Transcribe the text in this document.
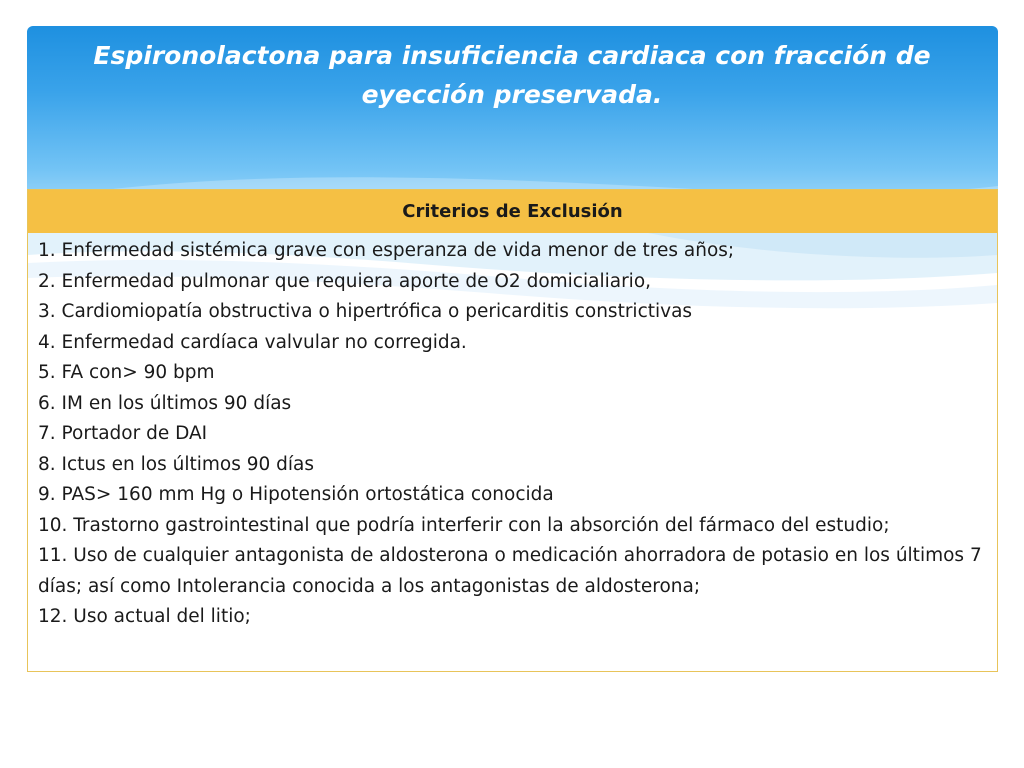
Espironolactona para insuficiencia cardiaca con fracción de eyección preservada.
Criterios de Exclusión
1. Enfermedad sistémica grave con esperanza de vida menor de tres años;
2. Enfermedad pulmonar que requiera aporte de O2 domicialiario,
3. Cardiomiopatía obstructiva o hipertrófica o pericarditis constrictivas
4. Enfermedad cardíaca valvular no corregida.
5. FA con> 90 bpm
6. IM en los últimos 90 días
7. Portador de DAI
8. Ictus en los últimos 90 días
9. PAS> 160 mm Hg o Hipotensión ortostática conocida
10. Trastorno gastrointestinal que podría interferir con la absorción del fármaco del estudio;
11. Uso de cualquier antagonista de aldosterona o medicación ahorradora de potasio en los últimos 7 días; así como Intolerancia conocida a los antagonistas de aldosterona;
12. Uso actual del litio;
